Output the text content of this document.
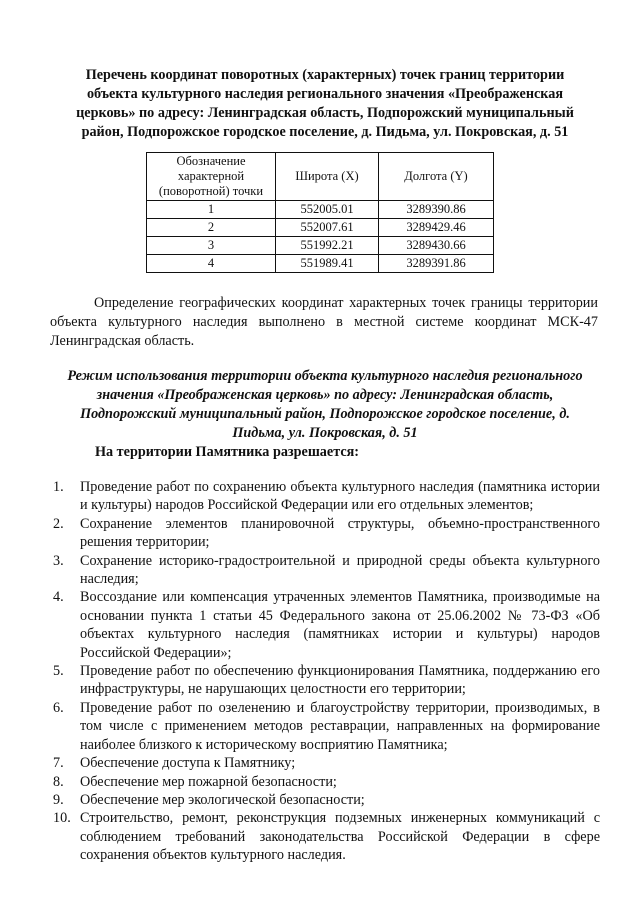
Перечень координат поворотных (характерных) точек границ территории объекта культурного наследия регионального значения «Преображенская церковь» по адресу: Ленинградская область, Подпорожский муниципальный район, Подпорожское городское поселение, д. Пидьма, ул. Покровская, д. 51
Обозначение характерной (поворотной) точки	Широта (X)	Долгота (Y)
1	552005.01	3289390.86
2	552007.61	3289429.46
3	551992.21	3289430.66
4	551989.41	3289391.86
Определение географических координат характерных точек границы территории объекта культурного наследия выполнено в местной системе координат МСК-47 Ленинградская область.
Режим использования территории объекта культурного наследия регионального значения «Преображенская церковь» по адресу: Ленинградская область, Подпорожский муниципальный район, Подпорожское городское поселение, д. Пидьма, ул. Покровская, д. 51
На территории Памятника разрешается:
1. Проведение работ по сохранению объекта культурного наследия (памятника истории и культуры) народов Российской Федерации или его отдельных элементов;
2. Сохранение элементов планировочной структуры, объемно-пространственного решения территории;
3. Сохранение историко-градостроительной и природной среды объекта культурного наследия;
4. Воссоздание или компенсация утраченных элементов Памятника, производимые на основании пункта 1 статьи 45 Федерального закона от 25.06.2002 № 73-ФЗ «Об объектах культурного наследия (памятниках истории и культуры) народов Российской Федерации»;
5. Проведение работ по обеспечению функционирования Памятника, поддержанию его инфраструктуры, не нарушающих целостности его территории;
6. Проведение работ по озеленению и благоустройству территории, производимых, в том числе с применением методов реставрации, направленных на формирование наиболее близкого к историческому восприятию Памятника;
7. Обеспечение доступа к Памятнику;
8. Обеспечение мер пожарной безопасности;
9. Обеспечение мер экологической безопасности;
10. Строительство, ремонт, реконструкция подземных инженерных коммуникаций с соблюдением требований законодательства Российской Федерации в сфере сохранения объектов культурного наследия.
